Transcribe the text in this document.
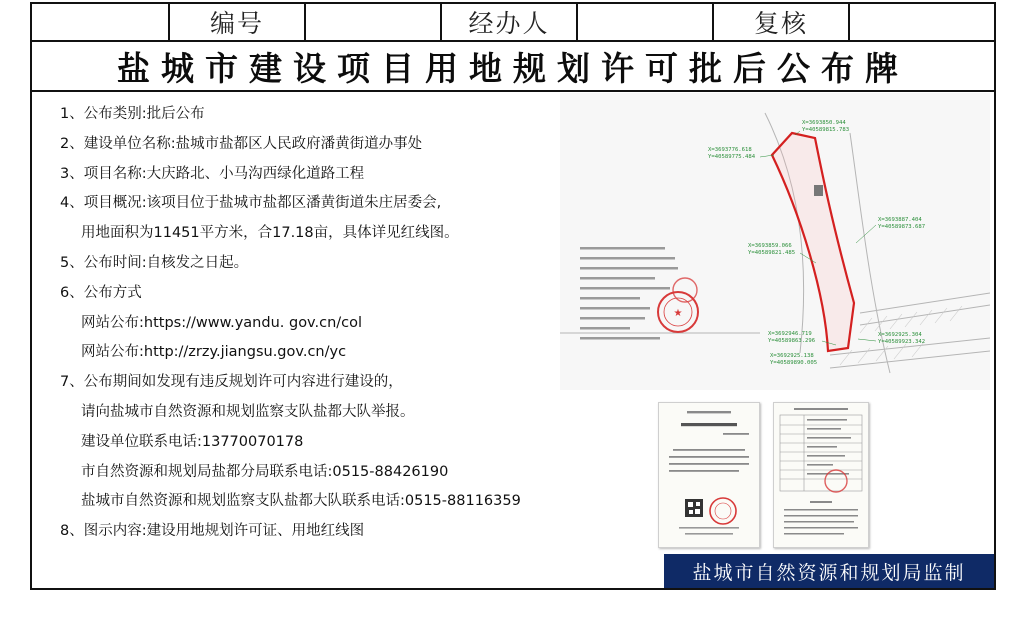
编号	经办人	复核
盐城市建设项目用地规划许可批后公布牌
1、公布类别:批后公布
2、建设单位名称:盐城市盐都区人民政府潘黄街道办事处
3、项目名称:大庆路北、小马沟西绿化道路工程
4、项目概况:该项目位于盐城市盐都区潘黄街道朱庄居委会,
用地面积为11451平方米，合17.18亩，具体详见红线图。
5、公布时间:自核发之日起。
6、公布方式
网站公布:https://www.yandu. gov.cn/col
网站公布:http://zrzy.jiangsu.gov.cn/yc
7、公布期间如发现有违反规划许可内容进行建设的，
请向盐城市自然资源和规划监察支队盐都大队举报。
建设单位联系电话:13770070178
市自然资源和规划局盐都分局联系电话:0515-88426190
盐城市自然资源和规划监察支队盐都大队联系电话:0515-88116359
8、图示内容:建设用地规划许可证、用地红线图
X=3693850.944
Y=40589815.783
X=3693776.618
Y=40589775.484
X=3693887.404
Y=40589873.687
X=3693859.066
Y=40589821.485
X=3692946.719
Y=40589863.296
X=3692925.138
Y=40589890.005
X=3692925.304
Y=40589923.342
★
盐城市自然资源和规划局监制
